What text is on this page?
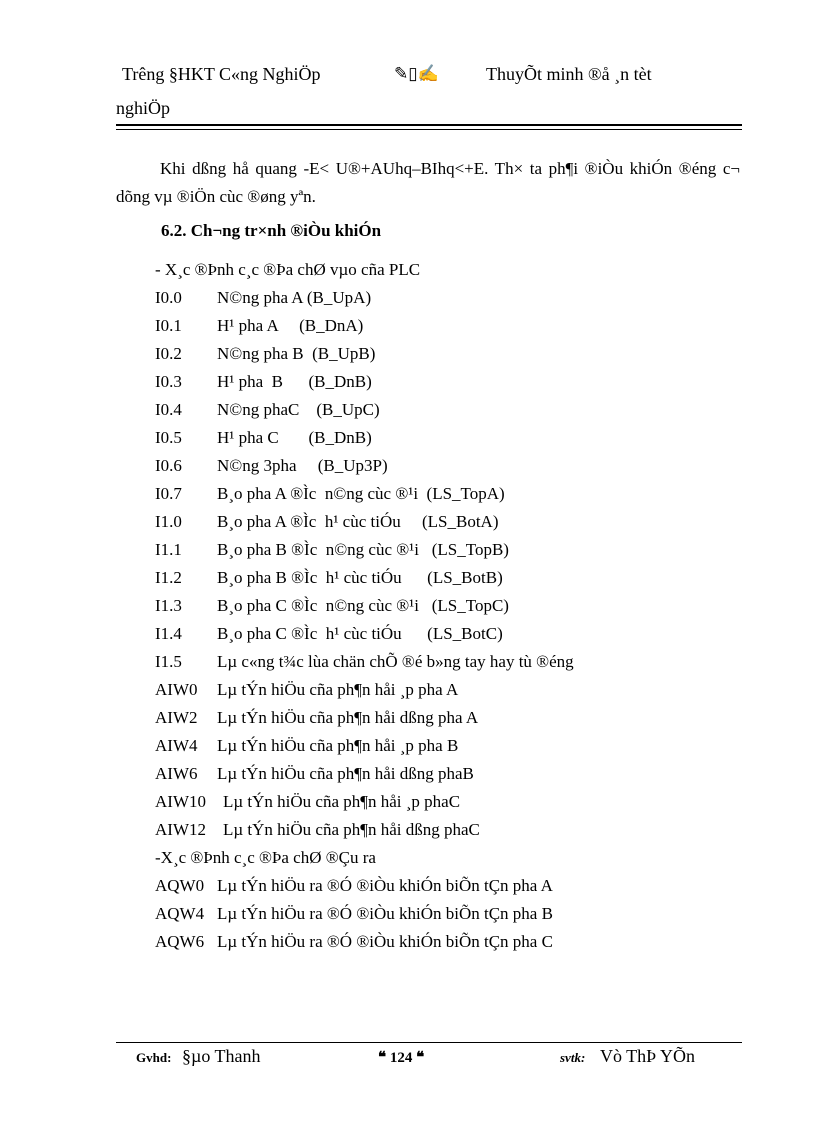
Trêng §HKT C«ng NghiÖp	✎▯✍	ThuyÕt minh ®å ¸n tèt
nghiÖp
Khi dßng hå quang -E< U®+AUhq–BIhq<+E. Th× ta ph¶i ®iÒu khiÓn ®éng c¬ dõng vµ ®iÖn cùc ®øng yªn.
6.2. Ch¬ng tr×nh ®iÒu khiÓn
- X¸c ®Þnh c¸c ®Þa chØ vµo cña PLC
I0.0 N©ng pha A (B_UpA)
I0.1 H¹ pha A     (B_DnA)
I0.2 N©ng pha B  (B_UpB)
I0.3 H¹ pha  B      (B_DnB)
I0.4 N©ng phaC    (B_UpC)
I0.5 H¹ pha C       (B_DnB)
I0.6 N©ng 3pha     (B_Up3P)
I0.7 B¸o pha A ®Ìc  n©ng cùc ®¹i  (LS_TopA)
I1.0 B¸o pha A ®Ìc  h¹ cùc tiÓu     (LS_BotA)
I1.1 B¸o pha B ®Ìc  n©ng cùc ®¹i   (LS_TopB)
I1.2 B¸o pha B ®Ìc  h¹ cùc tiÓu      (LS_BotB)
I1.3 B¸o pha C ®Ìc  n©ng cùc ®¹i   (LS_TopC)
I1.4 B¸o pha C ®Ìc  h¹ cùc tiÓu      (LS_BotC)
I1.5 Lµ c«ng t¾c lùa chän chÕ ®é b»ng tay hay tù ®éng
AIW0 Lµ tÝn hiÖu cña ph¶n håi ¸p pha A
AIW2 Lµ tÝn hiÖu cña ph¶n håi dßng pha A
AIW4 Lµ tÝn hiÖu cña ph¶n håi ¸p pha B
AIW6 Lµ tÝn hiÖu cña ph¶n håi dßng phaB
AIW10 Lµ tÝn hiÖu cña ph¶n håi ¸p phaC
AIW12 Lµ tÝn hiÖu cña ph¶n håi dßng phaC
-X¸c ®Þnh c¸c ®Þa chØ ®Çu ra
AQW0 Lµ tÝn hiÖu ra ®Ó ®iÒu khiÓn biÕn tÇn pha A
AQW4 Lµ tÝn hiÖu ra ®Ó ®iÒu khiÓn biÕn tÇn pha B
AQW6 Lµ tÝn hiÖu ra ®Ó ®iÒu khiÓn biÕn tÇn pha C
Gvhd: §µo Thanh	❝ 124 ❝	svtk: Vò ThÞ YÕn
